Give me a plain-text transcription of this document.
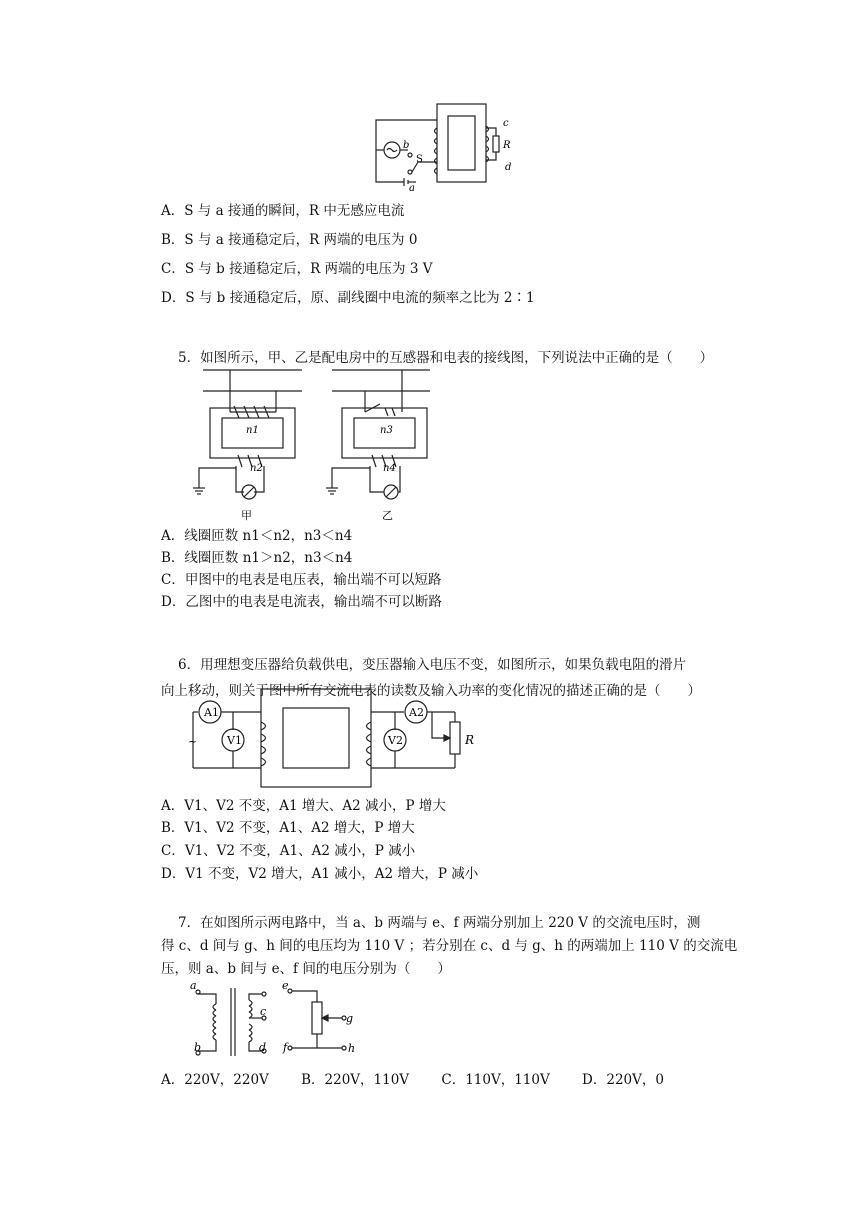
b
S
a
c
R
d
A．S 与 a 接通的瞬间，R 中无感应电流
B．S 与 a 接通稳定后，R 两端的电压为 0
C．S 与 b 接通稳定后，R 两端的电压为 3 V
D．S 与 b 接通稳定后，原、副线圈中电流的频率之比为 2∶1
5．如图所示，甲、乙是配电房中的互感器和电表的接线图，下列说法中正确的是（　　）
n1
n2
n3
n4
甲	乙
A．线圈匝数 n1＜n2，n3＜n4
B．线圈匝数 n1＞n2，n3＜n4
C．甲图中的电表是电压表，输出端不可以短路
D．乙图中的电表是电流表，输出端不可以断路
6．用理想变压器给负载供电，变压器输入电压不变，如图所示，如果负载电阻的滑片
向上移动，则关于图中所有交流电表的读数及输入功率的变化情况的描述正确的是（　　）
A1
V1
A2
V2	R
~
A．V1、V2 不变，A1 增大、A2 减小，P 增大
B．V1、V2 不变，A1、A2 增大，P 增大
C．V1、V2 不变，A1、A2 减小，P 减小
D．V1 不变，V2 增大，A1 减小，A2 增大，P 减小
7．在如图所示两电路中，当 a、b 两端与 e、f 两端分别加上 220 V 的交流电压时，测
得 c、d 间与 g、h 间的电压均为 110 V ；若分别在 c、d 与 g、h 的两端加上 110 V 的交流电
压，则 a、b 间与 e、f 间的电压分别为（　　）
a
b
c
d
e
f
g
h
A．220V，220V B．220V，110V C．110V，110V D．220V，0
